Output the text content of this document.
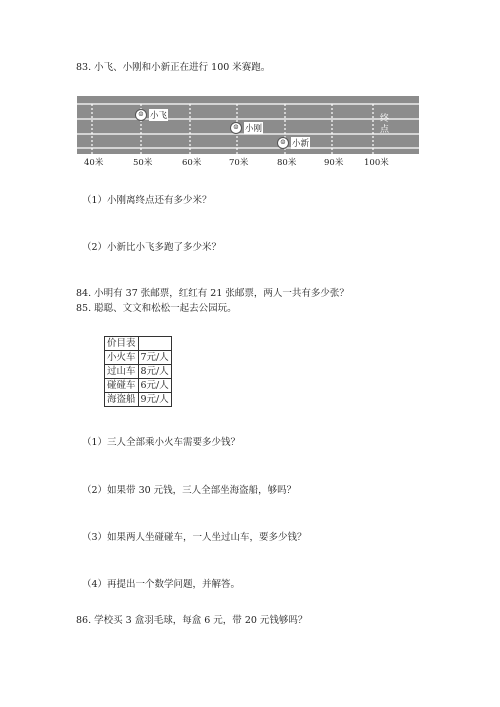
83. 小飞、小刚和小新正在进行 100 米赛跑。
终点
☺ 小飞
☺ 小刚
☺ 小新
40米	50米	60米	70米	80米	90米 100米
（1）小刚离终点还有多少米？
（2）小新比小飞多跑了多少米？
84. 小明有 37 张邮票，红红有 21 张邮票，两人一共有多少张？
85. 聪聪、文文和松松一起去公园玩。
价目表	
小火车	7元/人
过山车	8元/人
碰碰车	6元/人
海盗船	9元/人
（1）三人全部乘小火车需要多少钱？
（2）如果带 30 元钱，三人全部坐海盗船，够吗？
（3）如果两人坐碰碰车，一人坐过山车，要多少钱？
（4）再提出一个数学问题，并解答。
86. 学校买 3 盒羽毛球，每盒 6 元，带 20 元钱够吗？
